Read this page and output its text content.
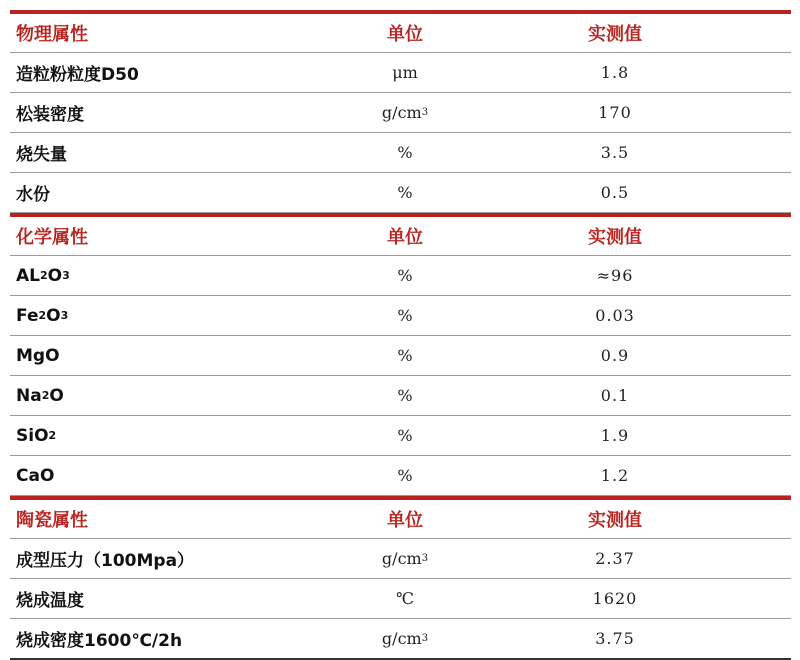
物理属性	单位	实测值
造粒粉粒度D50	μm	1.8
松装密度	g/cm 3	170
烧失量	%	3.5
水份	%	0.5
化学属性	单位	实测值
AL 2 O 3	%	≈96
Fe 2 O 3	%	0.03
MgO	%	0.9
Na 2 O	%	0.1
SiO 2	%	1.9
CaO	%	1.2
陶瓷属性	单位	实测值
成型压力（100Mpa）	g/cm 3	2.37
烧成温度	℃	1620
烧成密度1600℃/2h	g/cm 3	3.75
